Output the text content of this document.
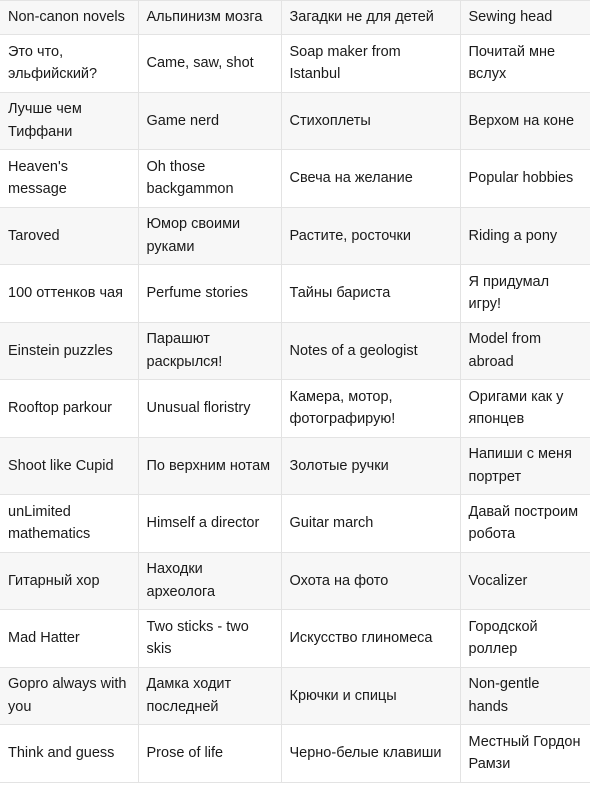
Non-canon novels	Альпинизм мозга	Загадки не для детей	Sewing head
Это что, эльфийский?	Came, saw, shot	Soap maker from Istanbul	Почитай мне вслух
Лучше чем Тиффани	Game nerd	Стихоплеты	Верхом на коне
Heaven's message	Oh those backgammon	Свеча на желание	Popular hobbies
Taroved	Юмор своими руками	Растите, росточки	Riding a pony
100 оттенков чая	Perfume stories	Тайны бариста	Я придумал игру!
Einstein puzzles	Парашют раскрылся!	Notes of a geologist	Model from abroad
Rooftop parkour	Unusual floristry	Камера, мотор, фотографирую!	Оригами как у японцев
Shoot like Cupid	По верхним нотам	Золотые ручки	Напиши с меня портрет
unLimited mathematics	Himself a director	Guitar march	Давай построим робота
Гитарный хор	Находки археолога	Охота на фото	Vocalizer
Mad Hatter	Two sticks - two skis	Искусство глиномеса	Городской роллер
Gopro always with you	Дамка ходит последней	Крючки и спицы	Non-gentle hands
Think and guess	Prose of life	Черно-белые клавиши	Местный Гордон Рамзи
